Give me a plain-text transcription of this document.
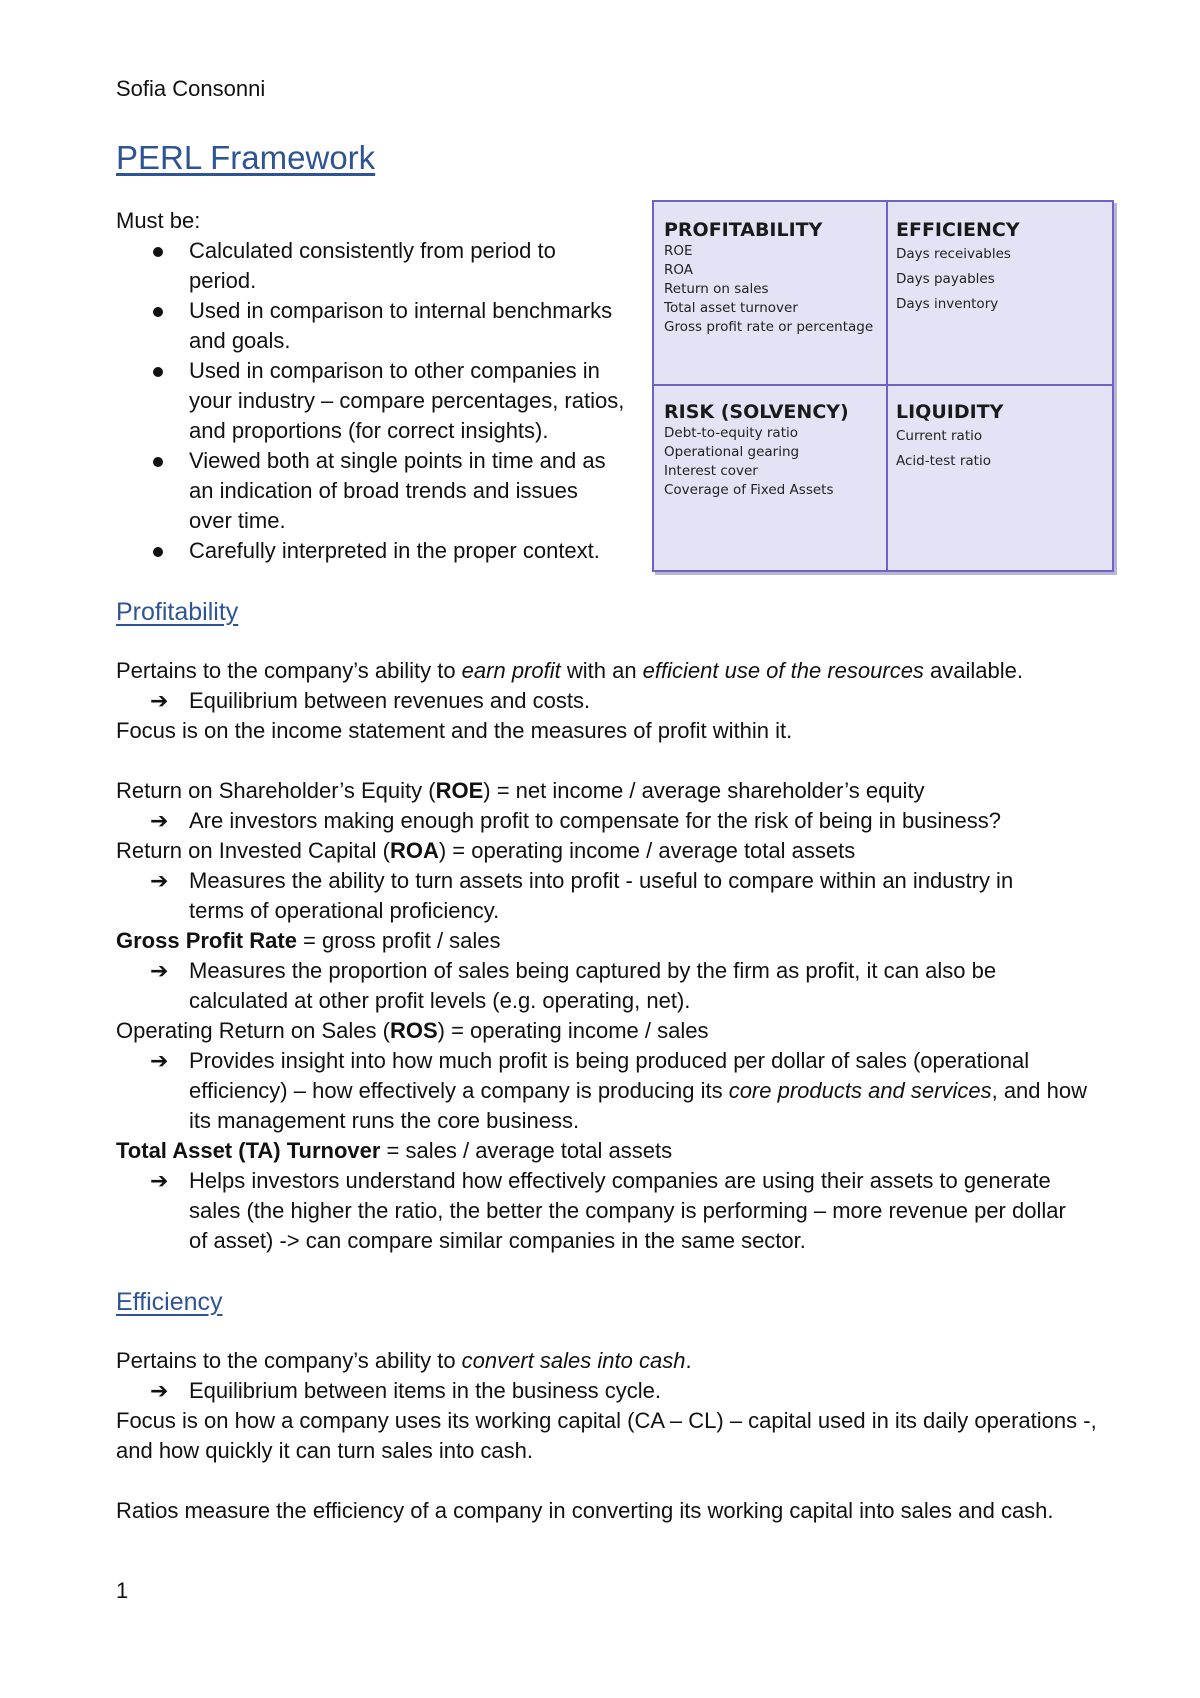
Sofia Consonni
PERL Framework
Must be:
Calculated consistently from period to
period.
Used in comparison to internal benchmarks
and goals.
Used in comparison to other companies in
your industry – compare percentages, ratios,
and proportions (for correct insights).
Viewed both at single points in time and as
an indication of broad trends and issues
over time.
Carefully interpreted in the proper context.
PROFITABILITY
ROE
ROA
Return on sales
Total asset turnover
Gross profit rate or percentage
EFFICIENCY
Days receivables
Days payables
Days inventory
RISK (SOLVENCY)
Debt-to-equity ratio
Operational gearing
Interest cover
Coverage of Fixed Assets
LIQUIDITY
Current ratio
Acid-test ratio
Profitability
Pertains to the company’s ability to earn profit with an efficient use of the resources available.
➔ Equilibrium between revenues and costs.
Focus is on the income statement and the measures of profit within it.
Return on Shareholder’s Equity (ROE) = net income / average shareholder’s equity
➔ Are investors making enough profit to compensate for the risk of being in business?
Return on Invested Capital (ROA) = operating income / average total assets
➔ Measures the ability to turn assets into profit - useful to compare within an industry in
terms of operational proficiency.
Gross Profit Rate = gross profit / sales
➔ Measures the proportion of sales being captured by the firm as profit, it can also be
calculated at other profit levels (e.g. operating, net).
Operating Return on Sales (ROS) = operating income / sales
➔ Provides insight into how much profit is being produced per dollar of sales (operational
efficiency) – how effectively a company is producing its core products and services, and how
its management runs the core business.
Total Asset (TA) Turnover = sales / average total assets
➔ Helps investors understand how effectively companies are using their assets to generate
sales (the higher the ratio, the better the company is performing – more revenue per dollar
of asset) -> can compare similar companies in the same sector.
Efficiency
Pertains to the company’s ability to convert sales into cash.
➔ Equilibrium between items in the business cycle.
Focus is on how a company uses its working capital (CA – CL) – capital used in its daily operations -,
and how quickly it can turn sales into cash.
Ratios measure the efficiency of a company in converting its working capital into sales and cash.
1
